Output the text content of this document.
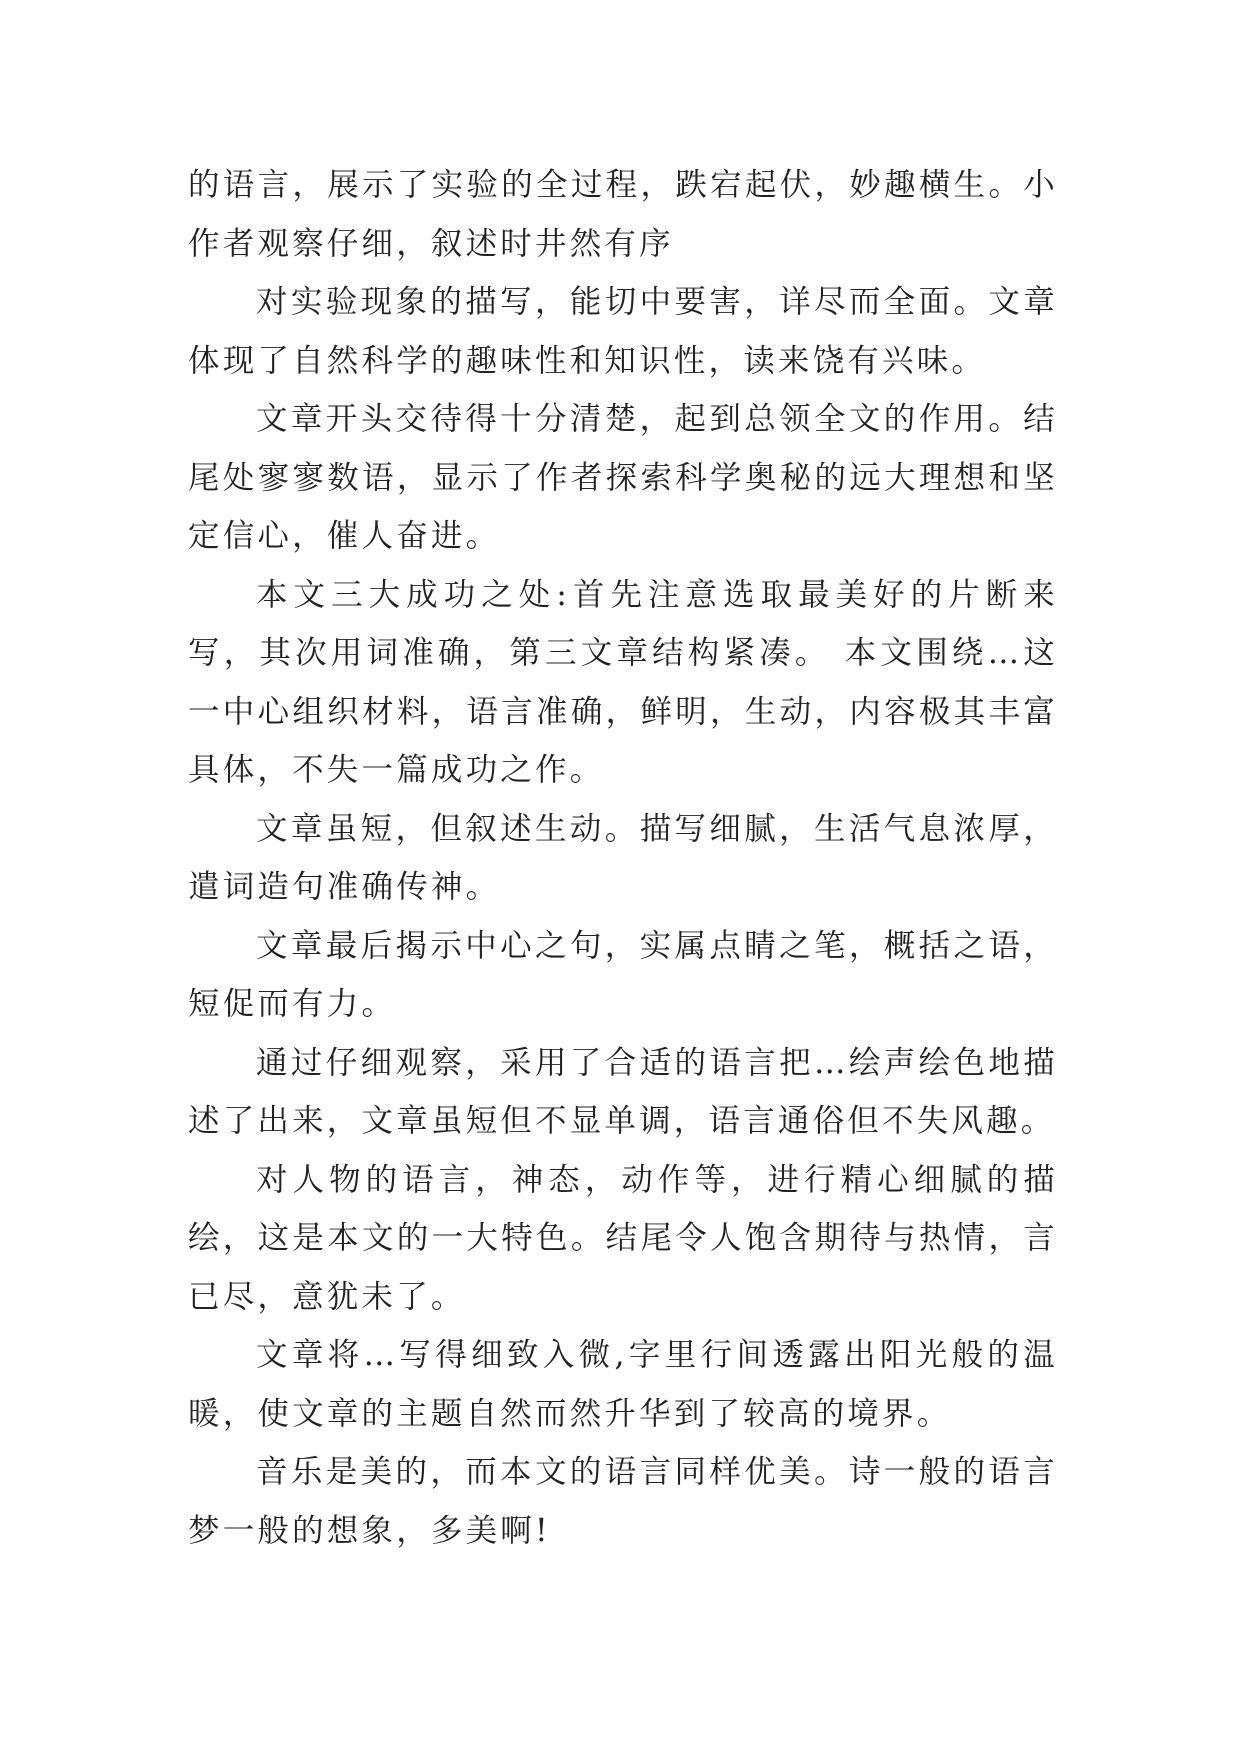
的语言，展示了实验的全过程，跌宕起伏，妙趣横生。小作者观察仔细，叙述时井然有序

对实验现象的描写，能切中要害，详尽而全面。文章体现了自然科学的趣味性和知识性，读来饶有兴味。

文章开头交待得十分清楚，起到总领全文的作用。结尾处寥寥数语，显示了作者探索科学奥秘的远大理想和坚定信心，催人奋进。

本文三大成功之处:首先注意选取最美好的片断来写，其次用词准确，第三文章结构紧凑。 本文围绕…这一中心组织材料，语言准确，鲜明，生动，内容极其丰富具体，不失一篇成功之作。

文章虽短，但叙述生动。描写细腻，生活气息浓厚，遣词造句准确传神。

文章最后揭示中心之句，实属点睛之笔，概括之语，短促而有力。

通过仔细观察，采用了合适的语言把…绘声绘色地描述了出来，文章虽短但不显单调，语言通俗但不失风趣。

对人物的语言，神态，动作等，进行精心细腻的描绘，这是本文的一大特色。结尾令人饱含期待与热情，言已尽，意犹未了。

文章将…写得细致入微,字里行间透露出阳光般的温暖，使文章的主题自然而然升华到了较高的境界。

音乐是美的，而本文的语言同样优美。诗一般的语言梦一般的想象，多美啊!
